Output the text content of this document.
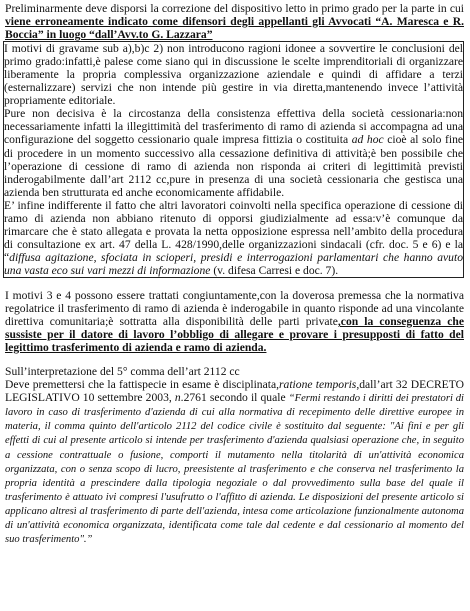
Preliminarmente deve disporsi la correzione del dispositivo letto in primo grado per la parte in cui viene erroneamente indicato come difensori degli appellanti gli Avvocati “A. Maresca e R. Boccia” in luogo “dall’Avv.to G. Lazzara”

I motivi di gravame sub a),b)c 2) non introducono ragioni idonee a sovvertire le conclusioni del primo grado:infatti,è palese come siano qui in discussione le scelte imprenditoriali di organizzare liberamente la propria complessiva organizzazione aziendale e quindi di affidare a terzi (esternalizzare) servizi che non intende più gestire in via diretta,mantenendo invece l’attività propriamente editoriale.

Pure non decisiva è la circostanza della consistenza effettiva della società cessionaria:non necessariamente infatti la illegittimità del trasferimento di ramo di azienda si accompagna ad una configurazione del soggetto cessionario quale impresa fittizia o costituita ad hoc cioè al solo fine di procedere in un momento successivo alla cessazione definitiva di attività;è ben possibile che l’operazione di cessione di ramo di azienda non risponda ai criteri di legittimità previsti inderogabilmente dall’art 2112 cc,pure in presenza di una società cessionaria che gestisca una azienda ben strutturata ed anche economicamente affidabile.

E’ infine indifferente il fatto che altri lavoratori coinvolti nella specifica operazione di cessione di ramo di azienda non abbiano ritenuto di opporsi giudizialmente ad essa:v’è comunque da rimarcare che è stato allegata e provata la netta opposizione espressa nell’ambito della procedura di consultazione ex art. 47 della L. 428/1990,delle organizzazioni sindacali (cfr. doc. 5 e 6) e la “diffusa agitazione, sfociata in scioperi, presidi e interrogazioni parlamentari che hanno avuto una vasta eco sui vari mezzi di informazione (v. difesa Carresi e doc. 7).

I motivi 3 e 4 possono essere trattati congiuntamente,con la doverosa premessa che la normativa regolatrice il trasferimento di ramo di azienda è inderogabile in quanto risponde ad una vincolante direttiva comunitaria;è sottratta alla disponibilità delle parti private,con la conseguenza che sussiste per il datore di lavoro l’obbligo di allegare e provare i presupposti di fatto del legittimo trasferimento di azienda e ramo di azienda.

Sull’interpretazione del 5° comma dell’art 2112 cc

Deve premettersi che la fattispecie in esame è disciplinata,ratione temporis,dall’art 32 DECRETO LEGISLATIVO 10 settembre 2003, n.2761 secondo il quale “Fermi restando i diritti dei prestatori di lavoro in caso di trasferimento d'azienda di cui alla normativa di recepimento delle direttive europee in materia, il comma quinto dell'articolo 2112 del codice civile è sostituito dal seguente: "Ai fini e per gli effetti di cui al presente articolo si intende per trasferimento d'azienda qualsiasi operazione che, in seguito a cessione contrattuale o fusione, comporti il mutamento nella titolarità di un'attività economica organizzata, con o senza scopo di lucro, preesistente al trasferimento e che conserva nel trasferimento la propria identità a prescindere dalla tipologia negoziale o dal provvedimento sulla base del quale il trasferimento è attuato ivi compresi l'usufrutto o l'affitto di azienda. Le disposizioni del presente articolo si applicano altresì al trasferimento di parte dell'azienda, intesa come articolazione funzionalmente autonoma di un'attività economica organizzata, identificata come tale dal cedente e dal cessionario al momento del suo trasferimento".”
